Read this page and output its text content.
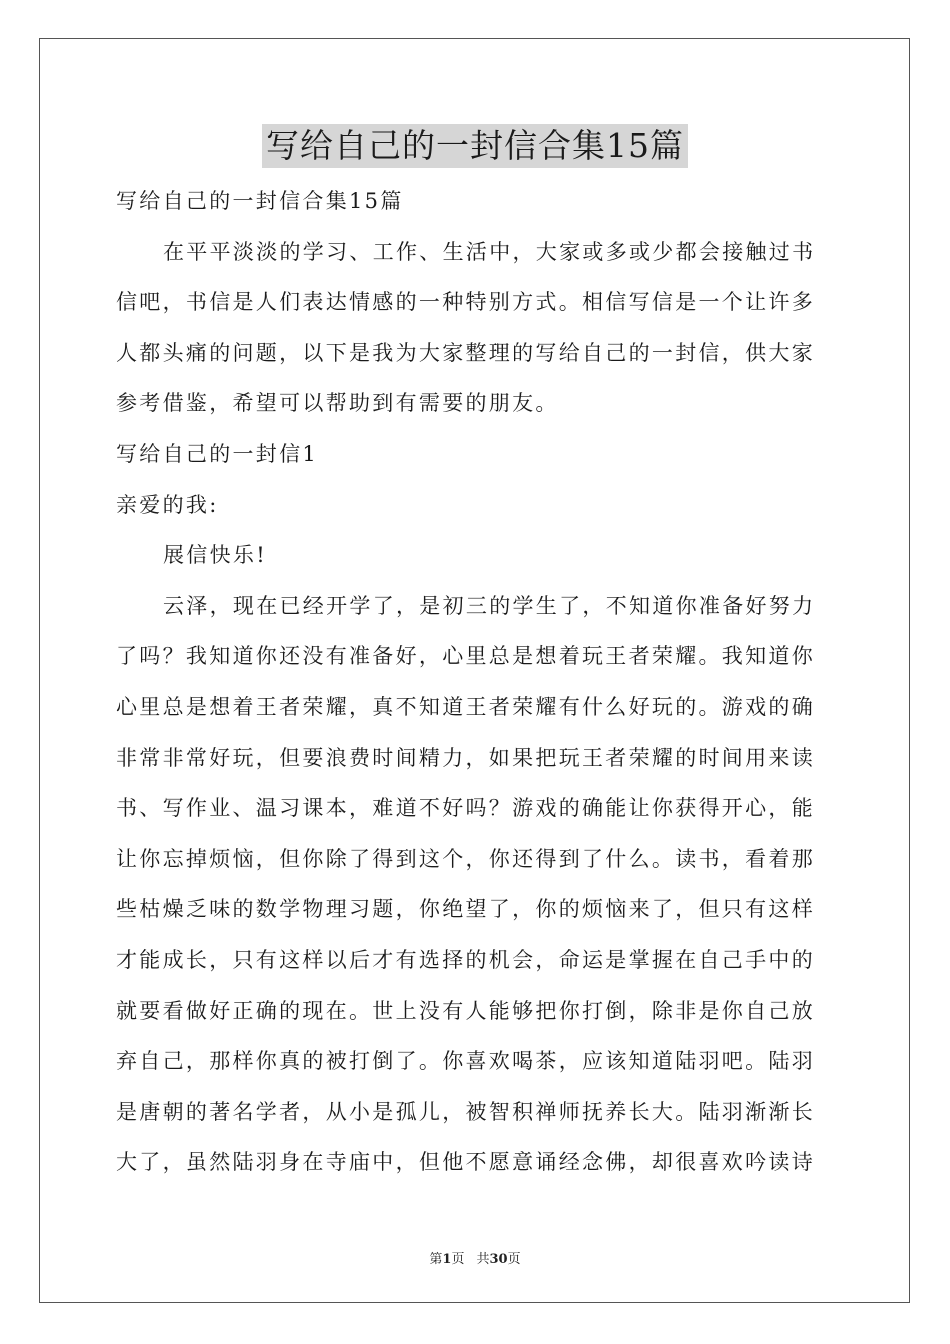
写给自己的一封信合集15篇
写给自己的一封信合集15篇
在平平淡淡的学习、工作、生活中，大家或多或少都会接触过书
信吧，书信是人们表达情感的一种特别方式。相信写信是一个让许多
人都头痛的问题，以下是我为大家整理的写给自己的一封信，供大家
参考借鉴，希望可以帮助到有需要的朋友。
写给自己的一封信1
亲爱的我:
展信快乐!
云泽，现在已经开学了，是初三的学生了，不知道你准备好努力
了吗？我知道你还没有准备好，心里总是想着玩王者荣耀。我知道你
心里总是想着王者荣耀，真不知道王者荣耀有什么好玩的。游戏的确
非常非常好玩，但要浪费时间精力，如果把玩王者荣耀的时间用来读
书、写作业、温习课本，难道不好吗？游戏的确能让你获得开心，能
让你忘掉烦恼，但你除了得到这个，你还得到了什么。读书，看着那
些枯燥乏味的数学物理习题，你绝望了，你的烦恼来了，但只有这样
才能成长，只有这样以后才有选择的机会，命运是掌握在自己手中的
就要看做好正确的现在。世上没有人能够把你打倒，除非是你自己放
弃自己，那样你真的被打倒了。你喜欢喝茶，应该知道陆羽吧。陆羽
是唐朝的著名学者，从小是孤儿，被智积禅师抚养长大。陆羽渐渐长
大了，虽然陆羽身在寺庙中，但他不愿意诵经念佛，却很喜欢吟读诗
第1页 共30页
